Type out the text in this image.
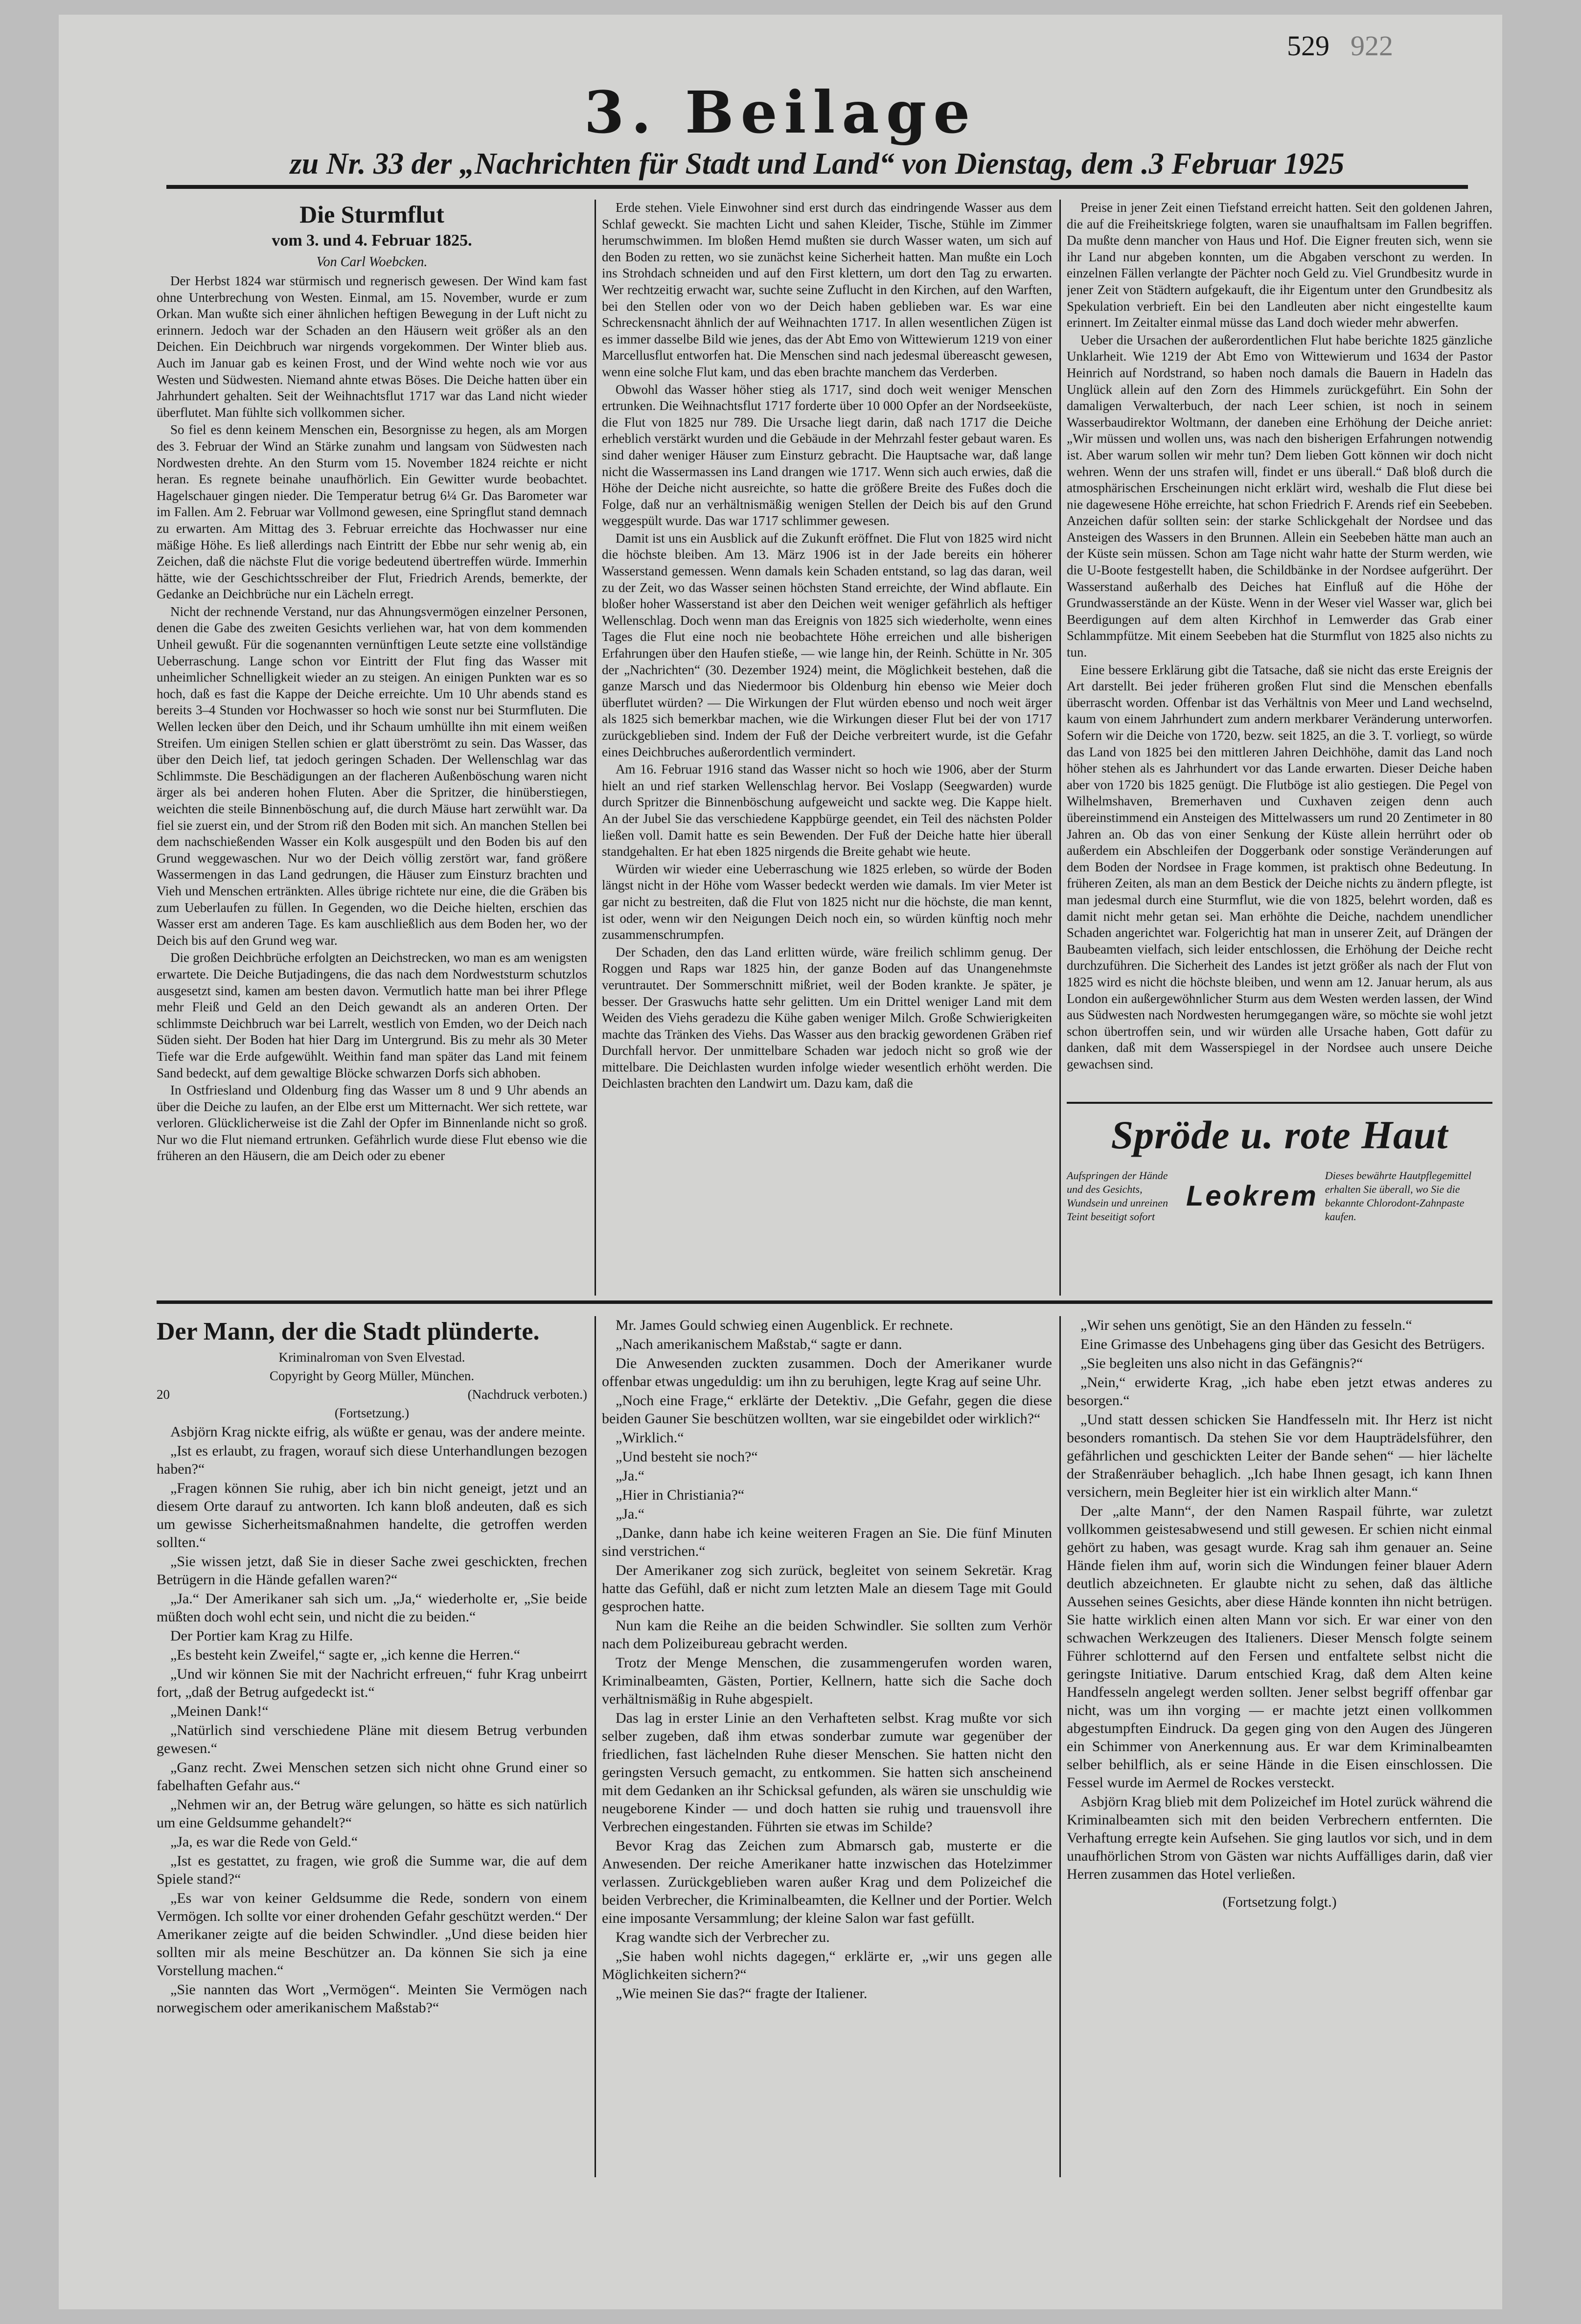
529 922
3. Beilage
zu Nr. 33 der „Nachrichten für Stadt und Land“ von Dienstag, dem .3 Februar 1925

Die Sturmflut

vom 3. und 4. Februar 1825.

Von Carl Woebcken.

Der Herbst 1824 war stürmisch und regnerisch gewesen. Der Wind kam fast ohne Unterbrechung von Westen. Einmal, am 15. November, wurde er zum Orkan. Man wußte sich einer ähnlichen heftigen Bewegung in der Luft nicht zu erinnern. Jedoch war der Schaden an den Häusern weit größer als an den Deichen. Ein Deichbruch war nirgends vorgekommen. Der Winter blieb aus. Auch im Januar gab es keinen Frost, und der Wind wehte noch wie vor aus Westen und Südwesten. Niemand ahnte etwas Böses. Die Deiche hatten über ein Jahrhundert gehalten. Seit der Weihnachtsflut 1717 war das Land nicht wieder überflutet. Man fühlte sich vollkommen sicher.

So fiel es denn keinem Menschen ein, Besorgnisse zu hegen, als am Morgen des 3. Februar der Wind an Stärke zunahm und langsam von Südwesten nach Nordwesten drehte. An den Sturm vom 15. November 1824 reichte er nicht heran. Es regnete beinahe unaufhörlich. Ein Gewitter wurde beobachtet. Hagelschauer gingen nieder. Die Temperatur betrug 6¼ Gr. Das Barometer war im Fallen. Am 2. Februar war Vollmond gewesen, eine Springflut stand demnach zu erwarten. Am Mittag des 3. Februar erreichte das Hochwasser nur eine mäßige Höhe. Es ließ allerdings nach Eintritt der Ebbe nur sehr wenig ab, ein Zeichen, daß die nächste Flut die vorige bedeutend übertreffen würde. Immerhin hätte, wie der Geschichtsschreiber der Flut, Friedrich Arends, bemerkte, der Gedanke an Deichbrüche nur ein Lächeln erregt.

Nicht der rechnende Verstand, nur das Ahnungsvermögen einzelner Personen, denen die Gabe des zweiten Gesichts verliehen war, hat von dem kommenden Unheil gewußt. Für die sogenannten vernünftigen Leute setzte eine vollständige Ueberraschung. Lange schon vor Eintritt der Flut fing das Wasser mit unheimlicher Schnelligkeit wieder an zu steigen. An einigen Punkten war es so hoch, daß es fast die Kappe der Deiche erreichte. Um 10 Uhr abends stand es bereits 3–4 Stunden vor Hochwasser so hoch wie sonst nur bei Sturmfluten. Die Wellen lecken über den Deich, und ihr Schaum umhüllte ihn mit einem weißen Streifen. Um einigen Stellen schien er glatt überströmt zu sein. Das Wasser, das über den Deich lief, tat jedoch geringen Schaden. Der Wellenschlag war das Schlimmste. Die Beschädigungen an der flacheren Außenböschung waren nicht ärger als bei anderen hohen Fluten. Aber die Spritzer, die hinüberstiegen, weichten die steile Binnenböschung auf, die durch Mäuse hart zerwühlt war. Da fiel sie zuerst ein, und der Strom riß den Boden mit sich. An manchen Stellen bei dem nachschießenden Wasser ein Kolk ausgespült und den Boden bis auf den Grund weggewaschen. Nur wo der Deich völlig zerstört war, fand größere Wassermengen in das Land gedrungen, die Häuser zum Einsturz brachten und Vieh und Menschen ertränkten. Alles übrige richtete nur eine, die die Gräben bis zum Ueberlaufen zu füllen. In Gegenden, wo die Deiche hielten, erschien das Wasser erst am anderen Tage. Es kam auschließlich aus dem Boden her, wo der Deich bis auf den Grund weg war.

Die großen Deichbrüche erfolgten an Deichstrecken, wo man es am wenigsten erwartete. Die Deiche Butjadingens, die das nach dem Nordweststurm schutzlos ausgesetzt sind, kamen am besten davon. Vermutlich hatte man bei ihrer Pflege mehr Fleiß und Geld an den Deich gewandt als an anderen Orten. Der schlimmste Deichbruch war bei Larrelt, westlich von Emden, wo der Deich nach Süden sieht. Der Boden hat hier Darg im Untergrund. Bis zu mehr als 30 Meter Tiefe war die Erde aufgewühlt. Weithin fand man später das Land mit feinem Sand bedeckt, auf dem gewaltige Blöcke schwarzen Dorfs sich abhoben.

In Ostfriesland und Oldenburg fing das Wasser um 8 und 9 Uhr abends an über die Deiche zu laufen, an der Elbe erst um Mitternacht. Wer sich rettete, war verloren. Glücklicherweise ist die Zahl der Opfer im Binnenlande nicht so groß. Nur wo die Flut niemand ertrunken. Gefährlich wurde diese Flut ebenso wie die früheren an den Häusern, die am Deich oder zu ebener

Erde stehen. Viele Einwohner sind erst durch das eindringende Wasser aus dem Schlaf geweckt. Sie machten Licht und sahen Kleider, Tische, Stühle im Zimmer herumschwimmen. Im bloßen Hemd mußten sie durch Wasser waten, um sich auf den Boden zu retten, wo sie zunächst keine Sicherheit hatten. Man mußte ein Loch ins Strohdach schneiden und auf den First klettern, um dort den Tag zu erwarten. Wer rechtzeitig erwacht war, suchte seine Zuflucht in den Kirchen, auf den Warften, bei den Stellen oder von wo der Deich haben geblieben war. Es war eine Schreckensnacht ähnlich der auf Weihnachten 1717. In allen wesentlichen Zügen ist es immer dasselbe Bild wie jenes, das der Abt Emo von Wittewierum 1219 von einer Marcellusflut entworfen hat. Die Menschen sind nach jedesmal übereascht gewesen, wenn eine solche Flut kam, und das eben brachte manchem das Verderben.

Obwohl das Wasser höher stieg als 1717, sind doch weit weniger Menschen ertrunken. Die Weihnachtsflut 1717 forderte über 10 000 Opfer an der Nordseeküste, die Flut von 1825 nur 789. Die Ursache liegt darin, daß nach 1717 die Deiche erheblich verstärkt wurden und die Gebäude in der Mehrzahl fester gebaut waren. Es sind daher weniger Häuser zum Einsturz gebracht. Die Hauptsache war, daß lange nicht die Wassermassen ins Land drangen wie 1717. Wenn sich auch erwies, daß die Höhe der Deiche nicht ausreichte, so hatte die größere Breite des Fußes doch die Folge, daß nur an verhältnismäßig wenigen Stellen der Deich bis auf den Grund weggespült wurde. Das war 1717 schlimmer gewesen.

Damit ist uns ein Ausblick auf die Zukunft eröffnet. Die Flut von 1825 wird nicht die höchste bleiben. Am 13. März 1906 ist in der Jade bereits ein höherer Wasserstand gemessen. Wenn damals kein Schaden entstand, so lag das daran, weil zu der Zeit, wo das Wasser seinen höchsten Stand erreichte, der Wind abflaute. Ein bloßer hoher Wasserstand ist aber den Deichen weit weniger gefährlich als heftiger Wellenschlag. Doch wenn man das Ereignis von 1825 sich wiederholte, wenn eines Tages die Flut eine noch nie beobachtete Höhe erreichen und alle bisherigen Erfahrungen über den Haufen stieße, — wie lange hin, der Reinh. Schütte in Nr. 305 der „Nachrichten“ (30. Dezember 1924) meint, die Möglichkeit bestehen, daß die ganze Marsch und das Niedermoor bis Oldenburg hin ebenso wie Meier doch überflutet würden? — Die Wirkungen der Flut würden ebenso und noch weit ärger als 1825 sich bemerkbar machen, wie die Wirkungen dieser Flut bei der von 1717 zurückgeblieben sind. Indem der Fuß der Deiche verbreitert wurde, ist die Gefahr eines Deichbruches außerordentlich vermindert.

Am 16. Februar 1916 stand das Wasser nicht so hoch wie 1906, aber der Sturm hielt an und rief starken Wellenschlag hervor. Bei Voslapp (Seegwarden) wurde durch Spritzer die Binnenböschung aufgeweicht und sackte weg. Die Kappe hielt. An der Jubel Sie das verschiedene Kappbürge geendet, ein Teil des nächsten Polder ließen voll. Damit hatte es sein Bewenden. Der Fuß der Deiche hatte hier überall standgehalten. Er hat eben 1825 nirgends die Breite gehabt wie heute.

Würden wir wieder eine Ueberraschung wie 1825 erleben, so würde der Boden längst nicht in der Höhe vom Wasser bedeckt werden wie damals. Im vier Meter ist gar nicht zu bestreiten, daß die Flut von 1825 nicht nur die höchste, die man kennt, ist oder, wenn wir den Neigungen Deich noch ein, so würden künftig noch mehr zusammenschrumpfen.

Der Schaden, den das Land erlitten würde, wäre freilich schlimm genug. Der Roggen und Raps war 1825 hin, der ganze Boden auf das Unangenehmste veruntrautet. Der Sommerschnitt mißriet, weil der Boden krankte. Je später, je besser. Der Graswuchs hatte sehr gelitten. Um ein Drittel weniger Land mit dem Weiden des Viehs geradezu die Kühe gaben weniger Milch. Große Schwierigkeiten machte das Tränken des Viehs. Das Wasser aus den brackig gewordenen Gräben rief Durchfall hervor. Der unmittelbare Schaden war jedoch nicht so groß wie der mittelbare. Die Deichlasten wurden infolge wieder wesentlich erhöht werden. Die Deichlasten brachten den Landwirt um. Dazu kam, daß die

Preise in jener Zeit einen Tiefstand erreicht hatten. Seit den goldenen Jahren, die auf die Freiheitskriege folgten, waren sie unaufhaltsam im Fallen begriffen. Da mußte denn mancher von Haus und Hof. Die Eigner freuten sich, wenn sie ihr Land nur abgeben konnten, um die Abgaben verschont zu werden. In einzelnen Fällen verlangte der Pächter noch Geld zu. Viel Grundbesitz wurde in jener Zeit von Städtern aufgekauft, die ihr Eigentum unter den Grundbesitz als Spekulation verbrieft. Ein bei den Landleuten aber nicht eingestellte kaum erinnert. Im Zeitalter einmal müsse das Land doch wieder mehr abwerfen.

Ueber die Ursachen der außerordentlichen Flut habe berichte 1825 gänzliche Unklarheit. Wie 1219 der Abt Emo von Wittewierum und 1634 der Pastor Heinrich auf Nordstrand, so haben noch damals die Bauern in Hadeln das Unglück allein auf den Zorn des Himmels zurückgeführt. Ein Sohn der damaligen Verwalterbuch, der nach Leer schien, ist noch in seinem Wasserbaudirektor Woltmann, der daneben eine Erhöhung der Deiche anriet: „Wir müssen und wollen uns, was nach den bisherigen Erfahrungen notwendig ist. Aber warum sollen wir mehr tun? Dem lieben Gott können wir doch nicht wehren. Wenn der uns strafen will, findet er uns überall.“ Daß bloß durch die atmosphärischen Erscheinungen nicht erklärt wird, weshalb die Flut diese bei nie dagewesene Höhe erreichte, hat schon Friedrich F. Arends rief ein Seebeben. Anzeichen dafür sollten sein: der starke Schlickgehalt der Nordsee und das Ansteigen des Wassers in den Brunnen. Allein ein Seebeben hätte man auch an der Küste sein müssen. Schon am Tage nicht wahr hatte der Sturm werden, wie die U-Boote festgestellt haben, die Schildbänke in der Nordsee aufgerührt. Der Wasserstand außerhalb des Deiches hat Einfluß auf die Höhe der Grundwasserstände an der Küste. Wenn in der Weser viel Wasser war, glich bei Beerdigungen auf dem alten Kirchhof in Lemwerder das Grab einer Schlammpfütze. Mit einem Seebeben hat die Sturmflut von 1825 also nichts zu tun.

Eine bessere Erklärung gibt die Tatsache, daß sie nicht das erste Ereignis der Art darstellt. Bei jeder früheren großen Flut sind die Menschen ebenfalls überrascht worden. Offenbar ist das Verhältnis von Meer und Land wechselnd, kaum von einem Jahrhundert zum andern merkbarer Veränderung unterworfen. Sofern wir die Deiche von 1720, bezw. seit 1825, an die 3. T. vorliegt, so würde das Land von 1825 bei den mittleren Jahren Deichhöhe, damit das Land noch höher stehen als es Jahrhundert vor das Lande erwarten. Dieser Deiche haben aber von 1720 bis 1825 genügt. Die Flutböge ist alio gestiegen. Die Pegel von Wilhelmshaven, Bremerhaven und Cuxhaven zeigen denn auch übereinstimmend ein Ansteigen des Mittelwassers um rund 20 Zentimeter in 80 Jahren an. Ob das von einer Senkung der Küste allein herrührt oder ob außerdem ein Abschleifen der Doggerbank oder sonstige Veränderungen auf dem Boden der Nordsee in Frage kommen, ist praktisch ohne Bedeutung. In früheren Zeiten, als man an dem Bestick der Deiche nichts zu ändern pflegte, ist man jedesmal durch eine Sturmflut, wie die von 1825, belehrt worden, daß es damit nicht mehr getan sei. Man erhöhte die Deiche, nachdem unendlicher Schaden angerichtet war. Folgerichtig hat man in unserer Zeit, auf Drängen der Baubeamten vielfach, sich leider entschlossen, die Erhöhung der Deiche recht durchzuführen. Die Sicherheit des Landes ist jetzt größer als nach der Flut von 1825 wird es nicht die höchste bleiben, und wenn am 12. Januar herum, als aus London ein außergewöhnlicher Sturm aus dem Westen werden lassen, der Wind aus Südwesten nach Nordwesten herumgegangen wäre, so möchte sie wohl jetzt schon übertroffen sein, und wir würden alle Ursache haben, Gott dafür zu danken, daß mit dem Wasserspiegel in der Nordsee auch unsere Deiche gewachsen sind.

Spröde u. rote Haut
Aufspringen der Hände und des Gesichts, Wundsein und unreinen Teint beseitigt sofort
Leokrem
Dieses bewährte Hautpflegemittel erhalten Sie überall, wo Sie die bekannte Chlorodont-Zahnpaste kaufen.

Der Mann, der die Stadt plünderte.

Kriminalroman von Sven Elvestad.

Copyright by Georg Müller, München.

20	(Nachdruck verboten.)

(Fortsetzung.)

Asbjörn Krag nickte eifrig, als wüßte er genau, was der andere meinte.

„Ist es erlaubt, zu fragen, worauf sich diese Unterhandlungen bezogen haben?“

„Fragen können Sie ruhig, aber ich bin nicht geneigt, jetzt und an diesem Orte darauf zu antworten. Ich kann bloß andeuten, daß es sich um gewisse Sicherheitsmaßnahmen handelte, die getroffen werden sollten.“

„Sie wissen jetzt, daß Sie in dieser Sache zwei geschickten, frechen Betrügern in die Hände gefallen waren?“

„Ja.“ Der Amerikaner sah sich um. „Ja,“ wiederholte er, „Sie beide müßten doch wohl echt sein, und nicht die zu beiden.“

Der Portier kam Krag zu Hilfe.

„Es besteht kein Zweifel,“ sagte er, „ich kenne die Herren.“

„Und wir können Sie mit der Nachricht erfreuen,“ fuhr Krag unbeirrt fort, „daß der Betrug aufgedeckt ist.“

„Meinen Dank!“

„Natürlich sind verschiedene Pläne mit diesem Betrug verbunden gewesen.“

„Ganz recht. Zwei Menschen setzen sich nicht ohne Grund einer so fabelhaften Gefahr aus.“

„Nehmen wir an, der Betrug wäre gelungen, so hätte es sich natürlich um eine Geldsumme gehandelt?“

„Ja, es war die Rede von Geld.“

„Ist es gestattet, zu fragen, wie groß die Summe war, die auf dem Spiele stand?“

„Es war von keiner Geldsumme die Rede, sondern von einem Vermögen. Ich sollte vor einer drohenden Gefahr geschützt werden.“ Der Amerikaner zeigte auf die beiden Schwindler. „Und diese beiden hier sollten mir als meine Beschützer an. Da können Sie sich ja eine Vorstellung machen.“

„Sie nannten das Wort „Vermögen“. Meinten Sie Vermögen nach norwegischem oder amerikanischem Maßstab?“

Mr. James Gould schwieg einen Augenblick. Er rechnete.

„Nach amerikanischem Maßstab,“ sagte er dann.

Die Anwesenden zuckten zusammen. Doch der Amerikaner wurde offenbar etwas ungeduldig: um ihn zu beruhigen, legte Krag auf seine Uhr.

„Noch eine Frage,“ erklärte der Detektiv. „Die Gefahr, gegen die diese beiden Gauner Sie beschützen wollten, war sie eingebildet oder wirklich?“

„Wirklich.“

„Und besteht sie noch?“

„Ja.“

„Hier in Christiania?“

„Ja.“

„Danke, dann habe ich keine weiteren Fragen an Sie. Die fünf Minuten sind verstrichen.“

Der Amerikaner zog sich zurück, begleitet von seinem Sekretär. Krag hatte das Gefühl, daß er nicht zum letzten Male an diesem Tage mit Gould gesprochen hatte.

Nun kam die Reihe an die beiden Schwindler. Sie sollten zum Verhör nach dem Polizeibureau gebracht werden.

Trotz der Menge Menschen, die zusammengerufen worden waren, Kriminalbeamten, Gästen, Portier, Kellnern, hatte sich die Sache doch verhältnismäßig in Ruhe abgespielt.

Das lag in erster Linie an den Verhafteten selbst. Krag mußte vor sich selber zugeben, daß ihm etwas sonderbar zumute war gegenüber der friedlichen, fast lächelnden Ruhe dieser Menschen. Sie hatten nicht den geringsten Versuch gemacht, zu entkommen. Sie hatten sich anscheinend mit dem Gedanken an ihr Schicksal gefunden, als wären sie unschuldig wie neugeborene Kinder — und doch hatten sie ruhig und trauensvoll ihre Verbrechen eingestanden. Führten sie etwas im Schilde?

Bevor Krag das Zeichen zum Abmarsch gab, musterte er die Anwesenden. Der reiche Amerikaner hatte inzwischen das Hotelzimmer verlassen. Zurückgeblieben waren außer Krag und dem Polizeichef die beiden Verbrecher, die Kriminalbeamten, die Kellner und der Portier. Welch eine imposante Versammlung; der kleine Salon war fast gefüllt.

Krag wandte sich der Verbrecher zu.

„Sie haben wohl nichts dagegen,“ erklärte er, „wir uns gegen alle Möglichkeiten sichern?“

„Wie meinen Sie das?“ fragte der Italiener.

„Wir sehen uns genötigt, Sie an den Händen zu fesseln.“

Eine Grimasse des Unbehagens ging über das Gesicht des Betrügers.

„Sie begleiten uns also nicht in das Gefängnis?“

„Nein,“ erwiderte Krag, „ich habe eben jetzt etwas anderes zu besorgen.“

„Und statt dessen schicken Sie Handfesseln mit. Ihr Herz ist nicht besonders romantisch. Da stehen Sie vor dem Haupträdelsführer, den gefährlichen und geschickten Leiter der Bande sehen“ — hier lächelte der Straßenräuber behaglich. „Ich habe Ihnen gesagt, ich kann Ihnen versichern, mein Begleiter hier ist ein wirklich alter Mann.“

Der „alte Mann“, der den Namen Raspail führte, war zuletzt vollkommen geistesabwesend und still gewesen. Er schien nicht einmal gehört zu haben, was gesagt wurde. Krag sah ihm genauer an. Seine Hände fielen ihm auf, worin sich die Windungen feiner blauer Adern deutlich abzeichneten. Er glaubte nicht zu sehen, daß das ältliche Aussehen seines Gesichts, aber diese Hände konnten ihn nicht betrügen. Sie hatte wirklich einen alten Mann vor sich. Er war einer von den schwachen Werkzeugen des Italieners. Dieser Mensch folgte seinem Führer schlotternd auf den Fersen und entfaltete selbst nicht die geringste Initiative. Darum entschied Krag, daß dem Alten keine Handfesseln angelegt werden sollten. Jener selbst begriff offenbar gar nicht, was um ihn vorging — er machte jetzt einen vollkommen abgestumpften Eindruck. Da gegen ging von den Augen des Jüngeren ein Schimmer von Anerkennung aus. Er war dem Kriminalbeamten selber behilflich, als er seine Hände in die Eisen einschlossen. Die Fessel wurde im Aermel de Rockes versteckt.

Asbjörn Krag blieb mit dem Polizeichef im Hotel zurück während die Kriminalbeamten sich mit den beiden Verbrechern entfernten. Die Verhaftung erregte kein Aufsehen. Sie ging lautlos vor sich, und in dem unaufhörlichen Strom von Gästen war nichts Auffälliges darin, daß vier Herren zusammen das Hotel verließen.

(Fortsetzung folgt.)
